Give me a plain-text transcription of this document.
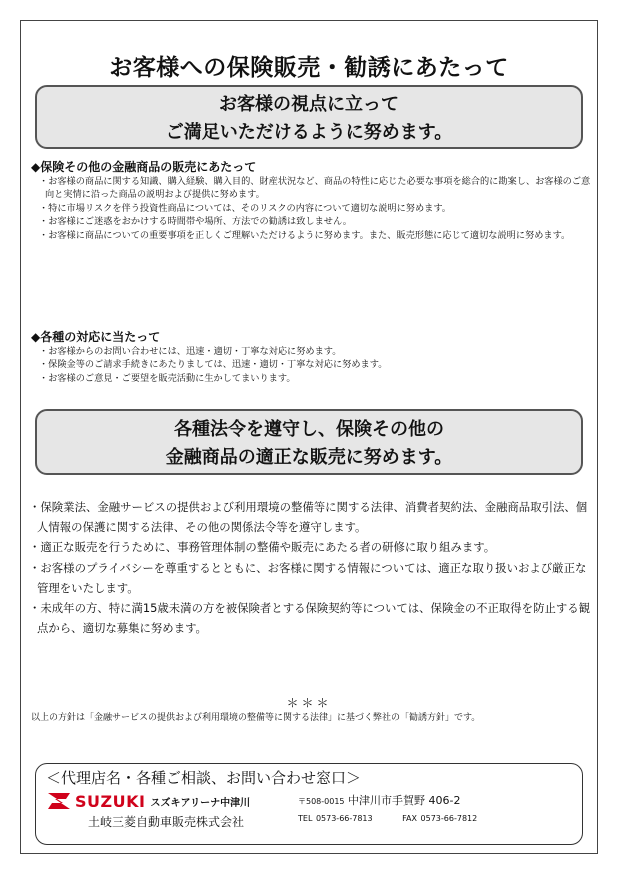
お客様への保険販売・勧誘にあたって
お客様の視点に立って
ご満足いただけるように努めます。
◆保険その他の金融商品の販売にあたって
・お客様の商品に関する知識、購入経験、購入目的、財産状況など、商品の特性に応じた必要な事項を総合的に勘案し、お客様のご意向と実情に沿った商品の説明および提供に努めます。
・特に市場リスクを伴う投資性商品については、そのリスクの内容について適切な説明に努めます。
・お客様にご迷惑をおかけする時間帯や場所、方法での勧誘は致しません。
・お客様に商品についての重要事項を正しくご理解いただけるように努めます。また、販売形態に応じて適切な説明に努めます。
◆各種の対応に当たって
・お客様からのお問い合わせには、迅速・適切・丁寧な対応に努めます。
・保険金等のご請求手続きにあたりましては、迅速・適切・丁寧な対応に努めます。
・お客様のご意見・ご要望を販売活動に生かしてまいります。
各種法令を遵守し、保険その他の
金融商品の適正な販売に努めます。
・保険業法、金融サービスの提供および利用環境の整備等に関する法律、消費者契約法、金融商品取引法、個人情報の保護に関する法律、その他の関係法令等を遵守します。
・適正な販売を行うために、事務管理体制の整備や販売にあたる者の研修に取り組みます。
・お客様のプライバシーを尊重するとともに、お客様に関する情報については、適正な取り扱いおよび厳正な管理をいたします。
・未成年の方、特に満15歳未満の方を被保険者とする保険契約等については、保険金の不正取得を防止する観点から、適切な募集に努めます。
＊＊＊
以上の方針は「金融サービスの提供および利用環境の整備等に関する法律」に基づく弊社の「勧誘方針」です。
＜代理店名・各種ご相談、お問い合わせ窓口＞
SUZUKI スズキアリーナ中津川
土岐三菱自動車販売株式会社
〒508-0015 中津川市手賀野 406-2
TEL 0573-66-7813	FAX 0573-66-7812
